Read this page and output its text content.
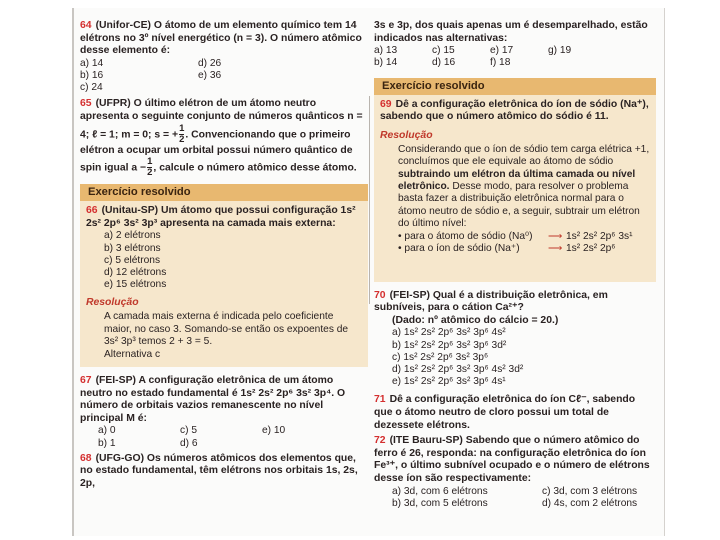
64 (Unifor-CE) O átomo de um elemento químico tem 14 elétrons no 3º nível energético (n = 3). O número atômico desse elemento é:
a) 14	d) 26
b) 16	e) 36
c) 24
65 (UFPR) O último elétron de um átomo neutro apresenta o seguinte conjunto de números quânticos n = 4; ℓ = 1; m = 0; s = + $\frac{1}{2}$ . Convencionando que o primeiro elétron a ocupar um orbital possui número quântico de spin igual $a - \frac{1}{2}$ , calcule o número atômico desse átomo.
Exercício resolvido
66 (Unitau-SP) Um átomo que possui configuração 1s² 2s² 2p⁶ 3s² 3p³ apresenta na camada mais externa:
a) 2 elétrons
b) 3 elétrons
c) 5 elétrons
d) 12 elétrons
e) 15 elétrons
Resolução
A camada mais externa é indicada pelo coeficiente maior, no caso 3. Somando-se então os expoentes de 3s² 3p³ temos 2 + 3 = 5.
Alternativa c
67 (FEI-SP) A configuração eletrônica de um átomo neutro no estado fundamental é 1s² 2s² 2p⁶ 3s² 3p⁴. O número de orbitais vazios remanescente no nível principal M é:
a) 0	c) 5	e) 10
b) 1	d) 6
68 (UFG-GO) Os números atômicos dos elementos que, no estado fundamental, têm elétrons nos orbitais 1s, 2s, 2p,
3s e 3p, dos quais apenas um é desemparelhado, estão indicados nas alternativas:
a) 13	c) 15	e) 17	g) 19
b) 14	d) 16	f) 18
Exercício resolvido
69 Dê a configuração eletrônica do íon de sódio (Na⁺), sabendo que o número atômico do sódio é 11.
Resolução
Considerando que o íon de sódio tem carga elétrica +1, concluímos que ele equivale ao átomo de sódio subtraindo um elétron da última camada ou nível eletrônico. Desse modo, para resolver o problema basta fazer a distribuição eletrônica normal para o átomo neutro de sódio e, a seguir, subtrair um elétron do último nível:
• para o átomo de sódio (Na⁰)	⟶ 1s² 2s² 2p⁶ 3s¹
• para o íon de sódio (Na⁺)	⟶ 1s² 2s² 2p⁶
70 (FEI-SP) Qual é a distribuição eletrônica, em subníveis, para o cátion Ca²⁺?
(Dado: nº atômico do cálcio = 20.)
a) 1s² 2s² 2p⁶ 3s² 3p⁶ 4s²
b) 1s² 2s² 2p⁶ 3s² 3p⁶ 3d²
c) 1s² 2s² 2p⁶ 3s² 3p⁶
d) 1s² 2s² 2p⁶ 3s² 3p⁶ 4s² 3d²
e) 1s² 2s² 2p⁶ 3s² 3p⁶ 4s¹
71 Dê a configuração eletrônica do íon Cℓ⁻, sabendo que o átomo neutro de cloro possui um total de dezessete elétrons.
72 (ITE Bauru-SP) Sabendo que o número atômico do ferro é 26, responda: na configuração eletrônica do íon Fe³⁺, o último subnível ocupado e o número de elétrons desse íon são respectivamente:
a) 3d, com 6 elétrons	c) 3d, com 3 elétrons
b) 3d, com 5 elétrons	d) 4s, com 2 elétrons
